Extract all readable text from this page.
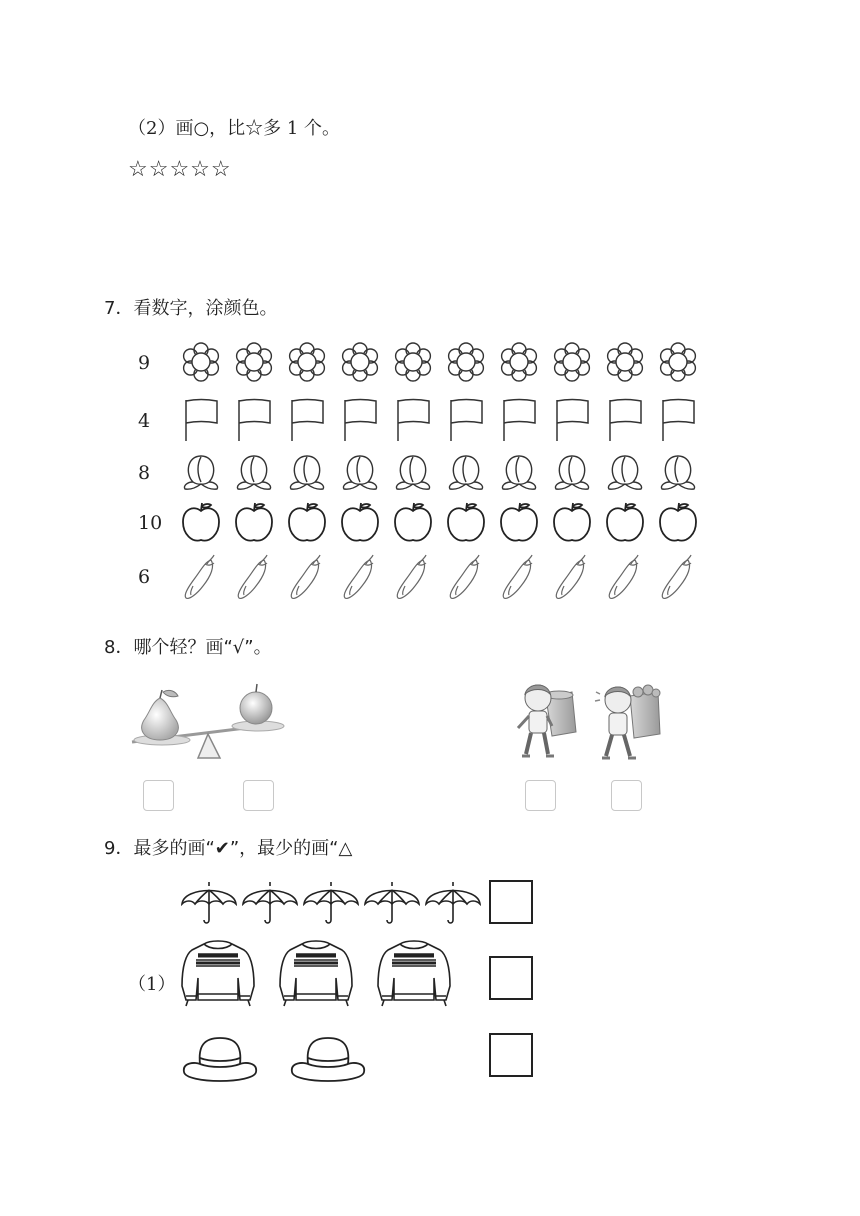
（2）画○，比☆多 1 个。
☆☆☆☆☆
7．看数字，涂颜色。
9
4
8
10
6
8．哪个轻？画“√”。
9．最多的画“✔”，最少的画“△
（1）
